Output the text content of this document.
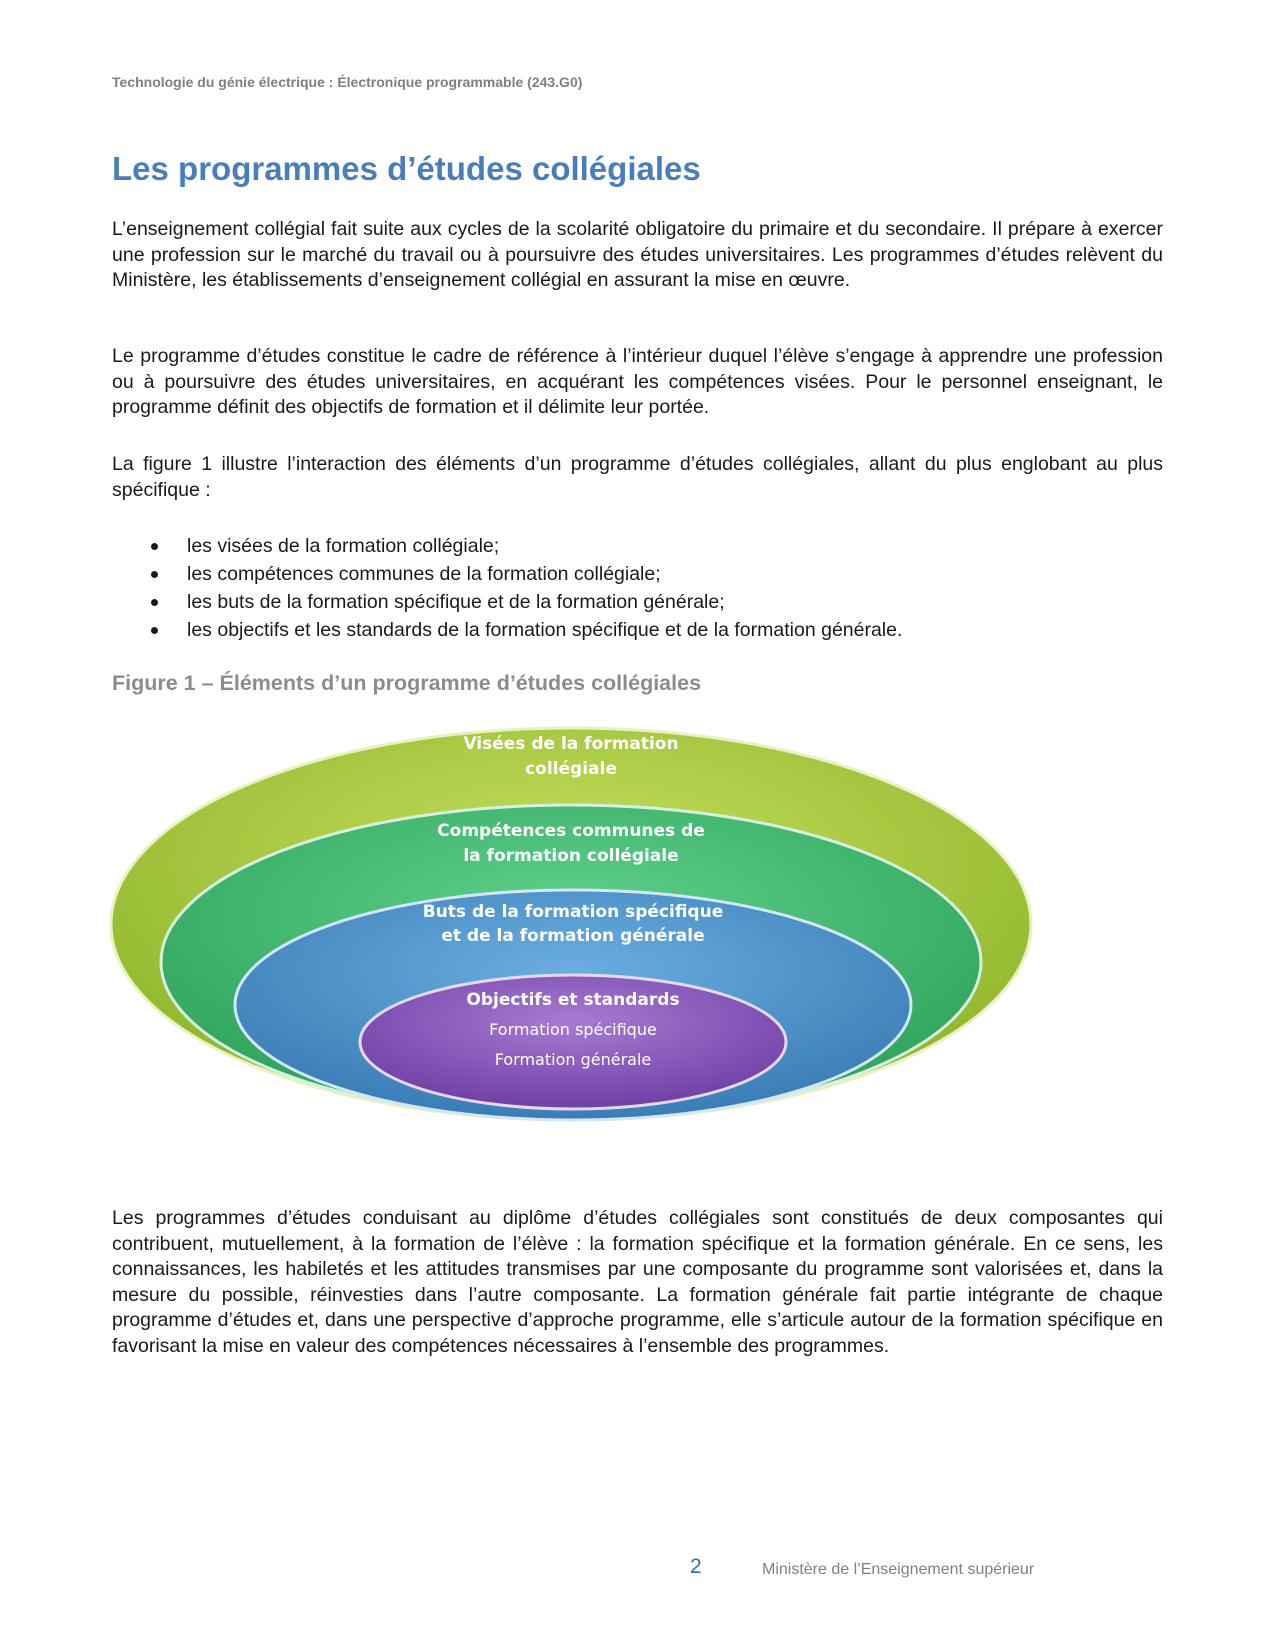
Technologie du génie électrique : Électronique programmable (243.G0)
Les programmes d’études collégiales

L’enseignement collégial fait suite aux cycles de la scolarité obligatoire du primaire et du secondaire. Il prépare à exercer une profession sur le marché du travail ou à poursuivre des études universitaires. Les programmes d’études relèvent du Ministère, les établissements d’enseignement collégial en assurant la mise en œuvre.

Le programme d’études constitue le cadre de référence à l’intérieur duquel l’élève s’engage à apprendre une profession ou à poursuivre des études universitaires, en acquérant les compétences visées. Pour le personnel enseignant, le programme définit des objectifs de formation et il délimite leur portée.

La figure 1 illustre l’interaction des éléments d’un programme d’études collégiales, allant du plus englobant au plus spécifique :

les visées de la formation collégiale;
les compétences communes de la formation collégiale;
les buts de la formation spécifique et de la formation générale;
les objectifs et les standards de la formation spécifique et de la formation générale.
Figure 1 – Éléments d’un programme d’études collégiales
Visées de la formation
collégiale
Compétences communes de
la formation collégiale
Buts de la formation spécifique
et de la formation générale
Objectifs et standards
Formation spécifique
Formation générale

Les programmes d’études conduisant au diplôme d’études collégiales sont constitués de deux composantes qui contribuent, mutuellement, à la formation de l’élève : la formation spécifique et la formation générale. En ce sens, les connaissances, les habiletés et les attitudes transmises par une composante du programme sont valorisées et, dans la mesure du possible, réinvesties dans l’autre composante. La formation générale fait partie intégrante de chaque programme d’études et, dans une perspective d’approche programme, elle s’articule autour de la formation spécifique en favorisant la mise en valeur des compétences nécessaires à l’ensemble des programmes.

2	Ministère de l’Enseignement supérieur
